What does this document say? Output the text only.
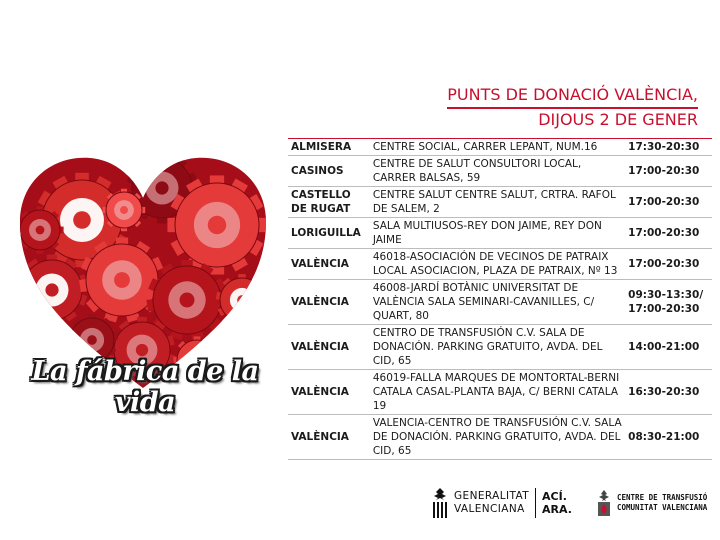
La fábrica de la vida
PUNTS DE DONACIÓ VALÈNCIA,
DIJOUS 2 DE GENER
ALMISERA	CENTRE SOCIAL, CARRER LEPANT, NUM.16	17:30-20:30
CASINOS	CENTRE DE SALUT CONSULTORI LOCAL, CARRER BALSAS, 59	17:00-20:30
CASTELLO DE RUGAT	CENTRE SALUT CENTRE SALUT, CRTRA. RAFOL DE SALEM, 2	17:00-20:30
LORIGUILLA	SALA MULTIUSOS-REY DON JAIME, REY DON JAIME	17:00-20:30
VALÈNCIA	46018-ASOCIACIÓN DE VECINOS DE PATRAIX LOCAL ASOCIACION, PLAZA DE PATRAIX, Nº 13	17:00-20:30
VALÈNCIA	46008-JARDÍ BOTÀNIC UNIVERSITAT DE VALÈNCIA SALA SEMINARI-CAVANILLES, C/ QUART, 80	09:30-13:30/ 17:00-20:30
VALÈNCIA	CENTRO DE TRANSFUSIÓN C.V. SALA DE DONACIÓN. PARKING GRATUITO, AVDA. DEL CID, 65	14:00-21:00
VALÈNCIA	46019-FALLA MARQUES DE MONTORTAL-BERNI CATALA CASAL-PLANTA BAJA, C/ BERNI CATALA 19	16:30-20:30
VALÈNCIA	VALENCIA-CENTRO DE TRANSFUSIÓN C.V. SALA DE DONACIÓN. PARKING GRATUITO, AVDA. DEL CID, 65	08:30-21:00
GENERALITAT
VALENCIANA
ACÍ.
ARA.
CENTRE DE TRANSFUSIÓ
COMUNITAT VALENCIANA
